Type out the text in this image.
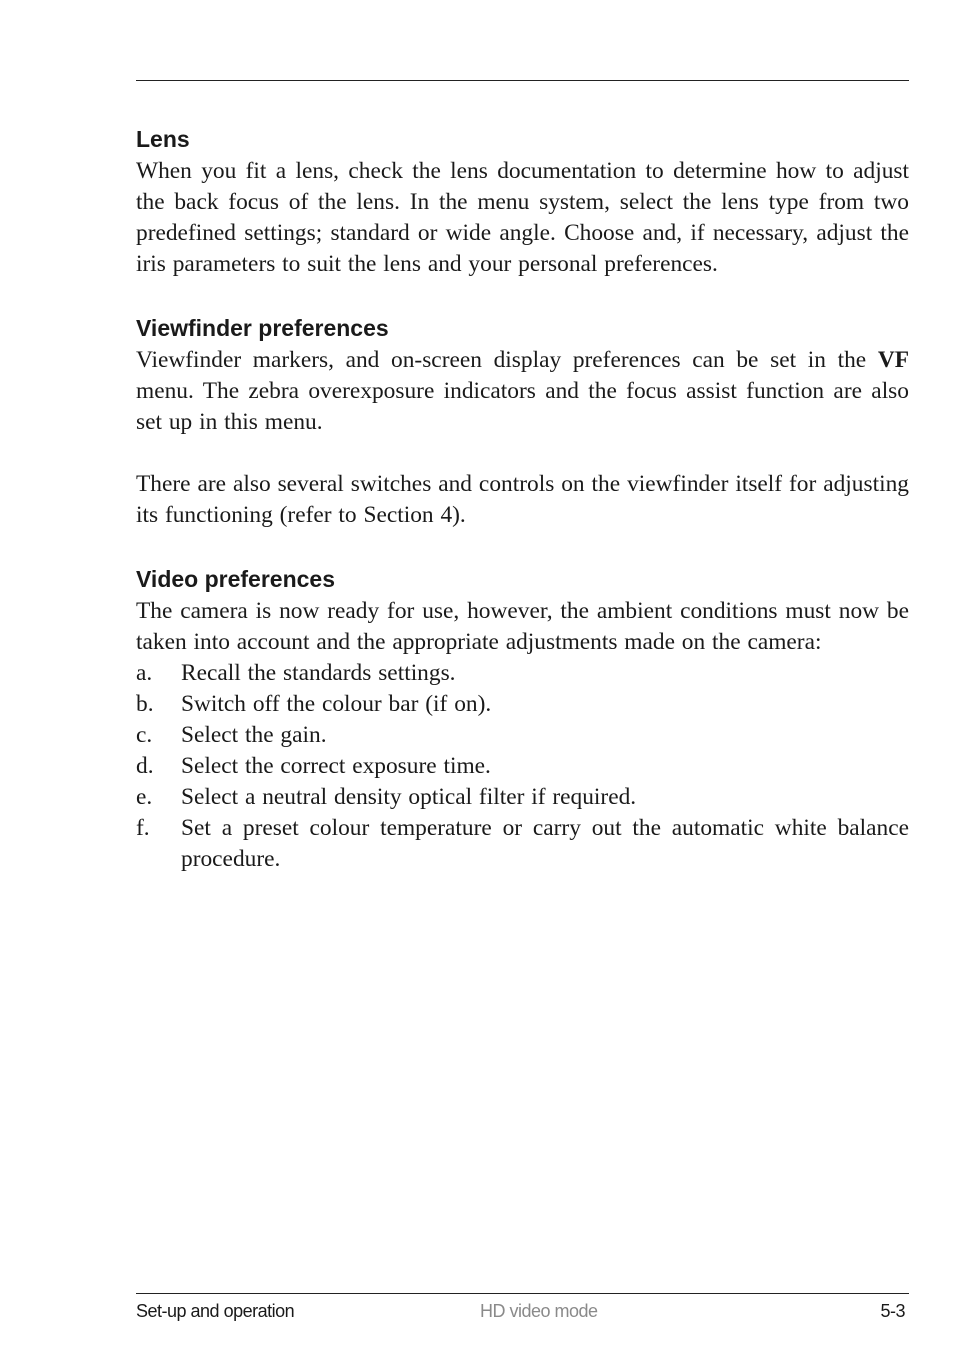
Lens

When you fit a lens, check the lens documentation to determine how to adjust the back focus of the lens. In the menu system, select the lens type from two predefined settings; standard or wide angle. Choose and, if necessary, adjust the iris parameters to suit the lens and your personal preferences.

Viewfinder preferences

Viewfinder markers, and on-screen display preferences can be set in the VF menu. The zebra overexposure indicators and the focus assist function are also set up in this menu.

There are also several switches and controls on the viewfinder itself for adjusting its functioning (refer to Section 4).

Video preferences

The camera is now ready for use, however, the ambient conditions must now be taken into account and the appropriate adjustments made on the camera:

a.	Recall the standards settings.
b.	Switch off the colour bar (if on).
c.	Select the gain.
d.	Select the correct exposure time.
e.	Select a neutral density optical filter if required.
f.	Set a preset colour temperature or carry out the automatic white balance procedure.
Set-up and operation	HD video mode	5-3
